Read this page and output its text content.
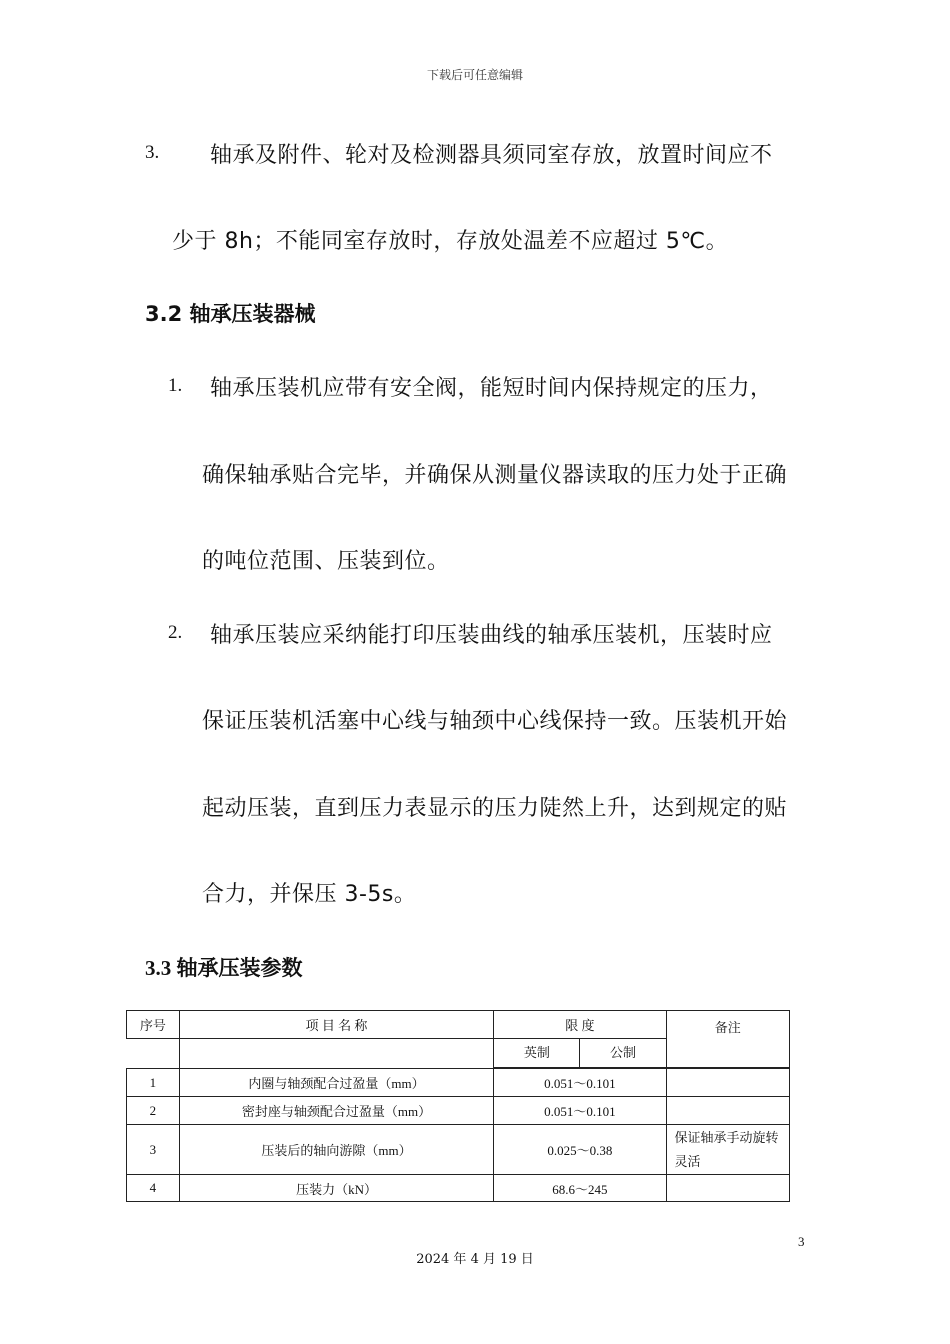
下载后可任意编辑
3. 轴承及附件、轮对及检测器具须同室存放，放置时间应不
少于 8h；不能同室存放时，存放处温差不应超过 5℃。
3.2 轴承压装器械
1. 轴承压装机应带有安全阀，能短时间内保持规定的压力，
确保轴承贴合完毕，并确保从测量仪器读取的压力处于正确
的吨位范围、压装到位。
2. 轴承压装应采纳能打印压装曲线的轴承压装机，压装时应
保证压装机活塞中心线与轴颈中心线保持一致。压装机开始
起动压装，直到压力表显示的压力陡然上升，达到规定的贴
合力，并保压 3-5s。
3.3 轴承压装参数
序号	项 目 名 称	限 度	备注

		英制 公制	
1	内圈与轴颈配合过盈量（mm）	0.051～0.101	
2	密封座与轴颈配合过盈量（mm）	0.051～0.101	
3	压装后的轴向游隙（mm）	0.025～0.38	保证轴承手动旋转灵活
4	压装力（kN）	68.6～245	
3
2024 年 4 月 19 日
